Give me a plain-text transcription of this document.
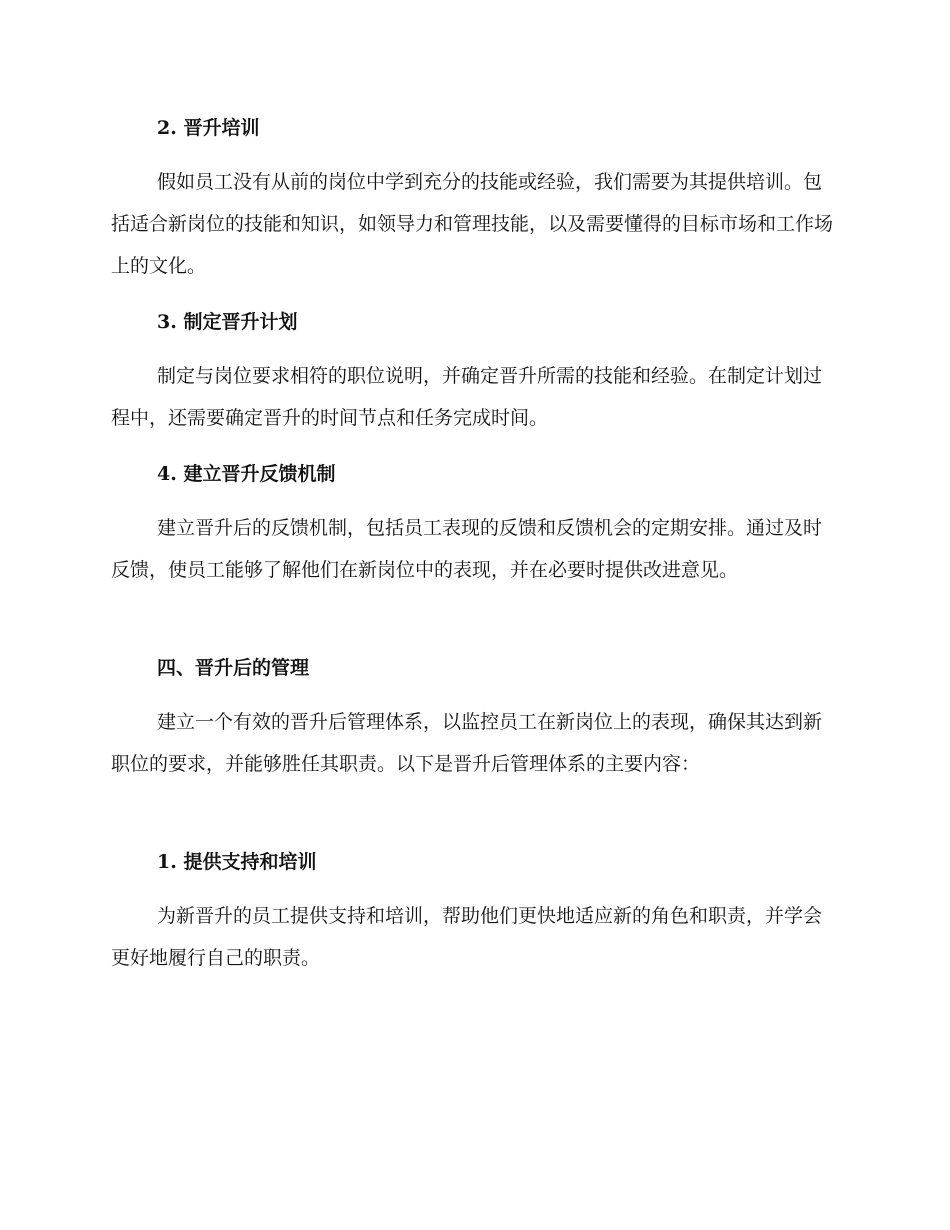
2. 晋升培训

假如员工没有从前的岗位中学到充分的技能或经验，我们需要为其提供培训。包括适合新岗位的技能和知识，如领导力和管理技能，以及需要懂得的目标市场和工作场上的文化。

3. 制定晋升计划

制定与岗位要求相符的职位说明，并确定晋升所需的技能和经验。在制定计划过程中，还需要确定晋升的时间节点和任务完成时间。

4. 建立晋升反馈机制

建立晋升后的反馈机制，包括员工表现的反馈和反馈机会的定期安排。通过及时反馈，使员工能够了解他们在新岗位中的表现，并在必要时提供改进意见。

四、晋升后的管理

建立一个有效的晋升后管理体系，以监控员工在新岗位上的表现，确保其达到新职位的要求，并能够胜任其职责。以下是晋升后管理体系的主要内容：

1. 提供支持和培训

为新晋升的员工提供支持和培训，帮助他们更快地适应新的角色和职责，并学会更好地履行自己的职责。
